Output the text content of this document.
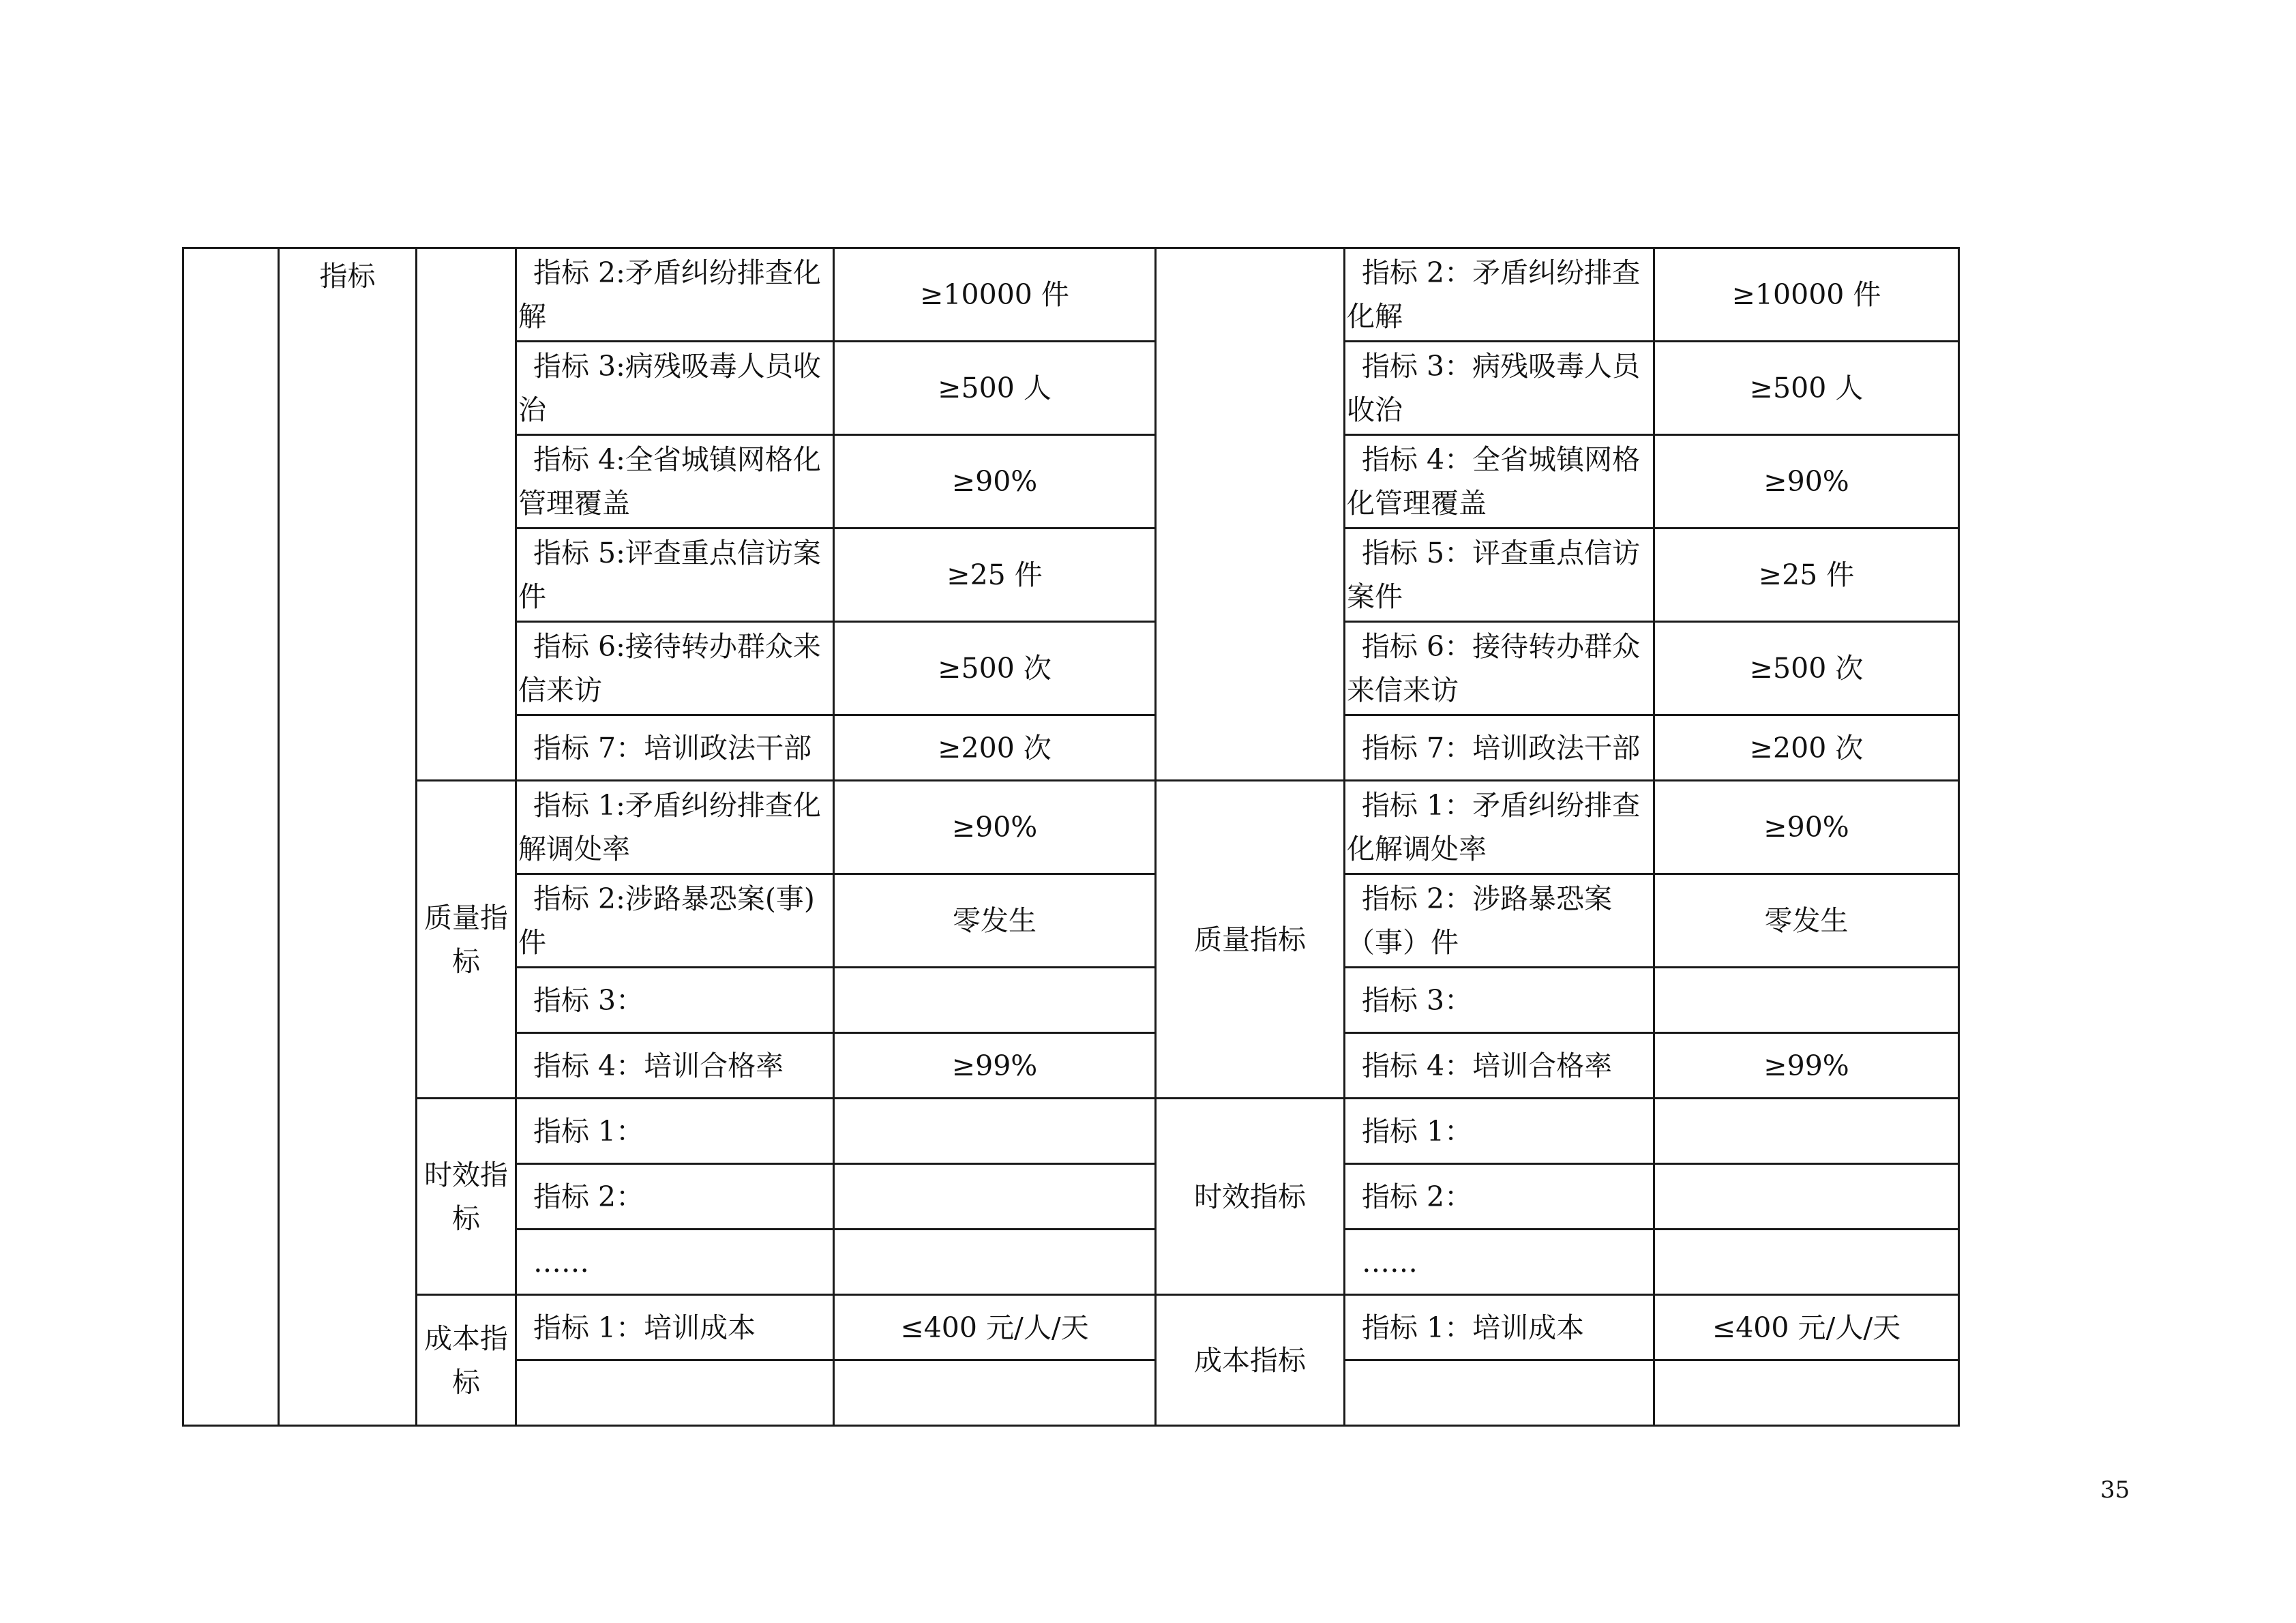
	指标		指标 2:矛盾纠纷排查化解	≥10000 件		指标 2：矛盾纠纷排查化解	≥10000 件
			指标 3:病残吸毒人员收治	≥500 人		指标 3：病残吸毒人员收治	≥500 人
			指标 4:全省城镇网格化管理覆盖	≥90%		指标 4：全省城镇网格化管理覆盖	≥90%
			指标 5:评查重点信访案件	≥25 件		指标 5：评查重点信访案件	≥25 件
			指标 6:接待转办群众来信来访	≥500 次		指标 6：接待转办群众来信来访	≥500 次
			指标 7：培训政法干部	≥200 次		指标 7：培训政法干部	≥200 次
		质量指标	指标 1:矛盾纠纷排查化解调处率	≥90%	质量指标	指标 1：矛盾纠纷排查化解调处率	≥90%
			指标 2:涉路暴恐案(事)件	零发生		指标 2：涉路暴恐案（事）件	零发生
			指标 3：			指标 3：	
			指标 4：培训合格率	≥99%		指标 4：培训合格率	≥99%
		时效指标	指标 1：		时效指标	指标 1：	
			指标 2：			指标 2：	
			……			……	
		成本指标	指标 1：培训成本	≤400 元/人/天	成本指标	指标 1：培训成本	≤400 元/人/天

35
